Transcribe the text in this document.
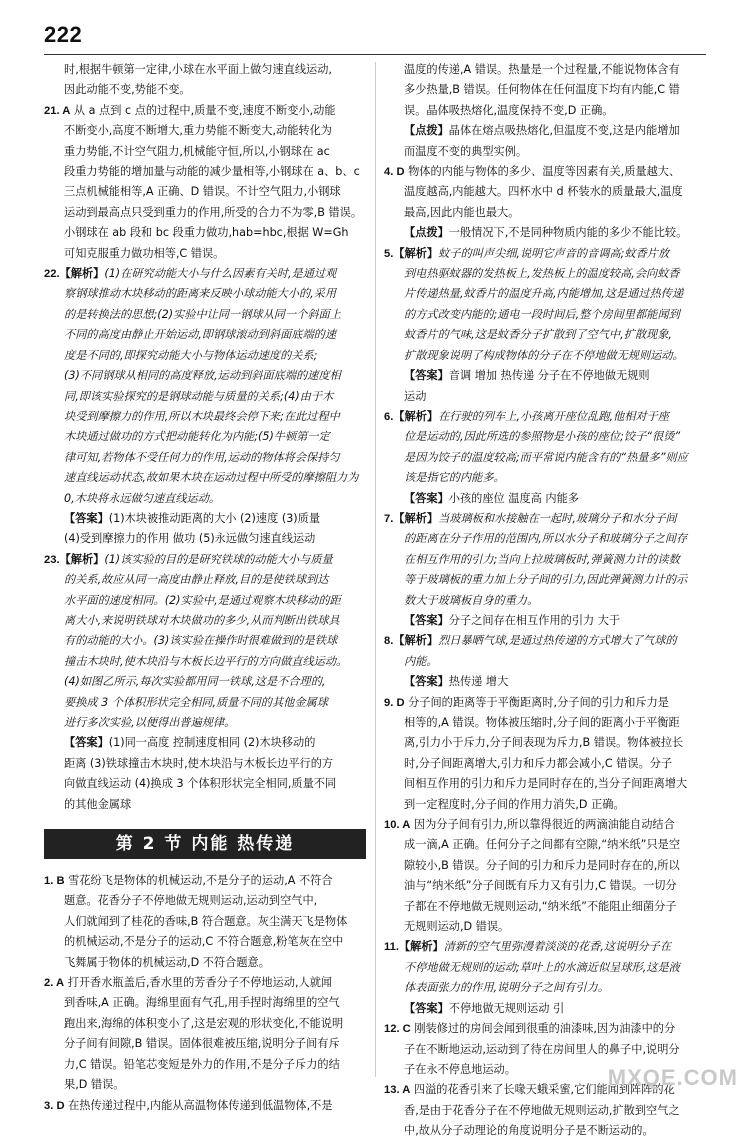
222

时,根据牛顿第一定律,小球在水平面上做匀速直线运动,

因此动能不变,势能不变。

21. A 从 a 点到 c 点的过程中,质量不变,速度不断变小,动能

不断变小,高度不断增大,重力势能不断变大,动能转化为

重力势能,不计空气阻力,机械能守恒,所以,小钢球在 ac

段重力势能的增加量与动能的减少量相等,小钢球在 a、b、c

三点机械能相等,A 正确、D 错误。不计空气阻力,小钢球

运动到最高点只受到重力的作用,所受的合力不为零,B 错误。

小钢球在 ab 段和 bc 段重力做功,hab=hbc,根据 W=Gh

可知克服重力做功相等,C 错误。

22.【解析】(1)在研究动能大小与什么因素有关时,是通过观

察钢球推动木块移动的距离来反映小球动能大小的,采用

的是转换法的思想;(2)实验中让同一钢球从同一个斜面上

不同的高度由静止开始运动,即钢球滚动到斜面底端的速

度是不同的,即探究动能大小与物体运动速度的关系;

(3)不同钢球从相同的高度释放,运动到斜面底端的速度相

同,即该实验探究的是钢球动能与质量的关系;(4)由于木

块受到摩擦力的作用,所以木块最终会停下来;在此过程中

木块通过做功的方式把动能转化为内能;(5)牛顿第一定

律可知,若物体不受任何力的作用,运动的物体将会保持匀

速直线运动状态,故如果木块在运动过程中所受的摩擦阻力为

0,木块将永远做匀速直线运动。

【答案】(1)木块被推动距离的大小 (2)速度 (3)质量

(4)受到摩擦力的作用 做功 (5)永远做匀速直线运动

23.【解析】(1)该实验的目的是研究铁球的动能大小与质量

的关系,故应从同一高度由静止释放,目的是使铁球到达

水平面的速度相同。(2)实验中,是通过观察木块移动的距

离大小,来说明铁球对木块做功的多少,从而判断出铁球具

有的动能的大小。(3)该实验在操作时很难做到的是铁球

撞击木块时,使木块沿与木板长边平行的方向做直线运动。

(4)如图乙所示,每次实验都用同一铁球,这是不合理的,

要换成 3 个体积形状完全相同,质量不同的其他金属球

进行多次实验,以便得出普遍规律。

【答案】(1)同一高度 控制速度相同 (2)木块移动的

距离 (3)铁球撞击木块时,使木块沿与木板长边平行的方

向做直线运动 (4)换成 3 个体积形状完全相同,质量不同

的其他金属球

第 2 节 内能 热传递

1. B 雪花纷飞是物体的机械运动,不是分子的运动,A 不符合

题意。花香分子不停地做无规则运动,运动到空气中,

人们就闻到了桂花的香味,B 符合题意。灰尘满天飞是物体

的机械运动,不是分子的运动,C 不符合题意,粉笔灰在空中

飞舞属于物体的机械运动,D 不符合题意。

2. A 打开香水瓶盖后,香水里的芳香分子不停地运动,人就闻

到香味,A 正确。海绵里面有气孔,用手捏时海绵里的空气

跑出来,海绵的体积变小了,这是宏观的形状变化,不能说明

分子间有间隙,B 错误。固体很难被压缩,说明分子间有斥

力,C 错误。铅笔芯变短是外力的作用,不是分子斥力的结

果,D 错误。

3. D 在热传递过程中,内能从高温物体传递到低温物体,不是

温度的传递,A 错误。热量是一个过程量,不能说物体含有

多少热量,B 错误。任何物体在任何温度下均有内能,C 错

误。晶体吸热熔化,温度保持不变,D 正确。

【点拨】晶体在熔点吸热熔化,但温度不变,这是内能增加

而温度不变的典型实例。

4. D 物体的内能与物体的多少、温度等因素有关,质量越大、

温度越高,内能越大。四杯水中 d 杯装水的质量最大,温度

最高,因此内能也最大。

【点拨】一般情况下,不是同种物质内能的多少不能比较。

5.【解析】蚊子的叫声尖细,说明它声音的音调高;蚊香片放

到电热驱蚊器的发热板上,发热板上的温度较高,会向蚊香

片传递热量,蚊香片的温度升高,内能增加,这是通过热传递

的方式改变内能的;通电一段时间后,整个房间里都能闻到

蚊香片的气味,这是蚊香分子扩散到了空气中,扩散现象,

扩散现象说明了构成物体的分子在不停地做无规则运动。

【答案】音调 增加 热传递 分子在不停地做无规则

运动

6.【解析】在行驶的列车上,小孩离开座位乱跑,他相对于座

位是运动的,因此所选的参照物是小孩的座位;饺子“很烫”

是因为饺子的温度较高;而平常说内能含有的“热量多”则应

该是指它的内能多。

【答案】小孩的座位 温度高 内能多

7.【解析】当玻璃板和水接触在一起时,玻璃分子和水分子间

的距离在分子作用的范围内,所以水分子和玻璃分子之间存

在相互作用的引力;当向上拉玻璃板时,弹簧测力计的读数

等于玻璃板的重力加上分子间的引力,因此弹簧测力计的示

数大于玻璃板自身的重力。

【答案】分子之间存在相互作用的引力 大于

8.【解析】烈日暴晒气球,是通过热传递的方式增大了气球的

内能。

【答案】热传递 增大

9. D 分子间的距离等于平衡距离时,分子间的引力和斥力是

相等的,A 错误。物体被压缩时,分子间的距离小于平衡距

离,引力小于斥力,分子间表现为斥力,B 错误。物体被拉长

时,分子间距离增大,引力和斥力都会减小,C 错误。分子

间相互作用的引力和斥力是同时存在的,当分子间距离增大

到一定程度时,分子间的作用力消失,D 正确。

10. A 因为分子间有引力,所以靠得很近的两滴油能自动结合

成一滴,A 正确。任何分子之间都有空隙,“纳米纸”只是空

隙较小,B 错误。分子间的引力和斥力是同时存在的,所以

油与“纳米纸”分子间既有斥力又有引力,C 错误。一切分

子都在不停地做无规则运动,“纳米纸”不能阻止细菌分子

无规则运动,D 错误。

11.【解析】清新的空气里弥漫着淡淡的花香,这说明分子在

不停地做无规则的运动;草叶上的水滴近似呈球形,这是液

体表面张力的作用,说明分子之间有引力。

【答案】不停地做无规则运动 引

12. C 刚装修过的房间会闻到很重的油漆味,因为油漆中的分

子在不断地运动,运动到了待在房间里人的鼻子中,说明分

子在永不停息地运动。

13. A 四溢的花香引来了长喙天蛾采蜜,它们能闻到阵阵的花

香,是由于花香分子在不停地做无规则运动,扩散到空气之

中,故从分子动理论的角度说明分子是不断运动的。

MXQE.COM
